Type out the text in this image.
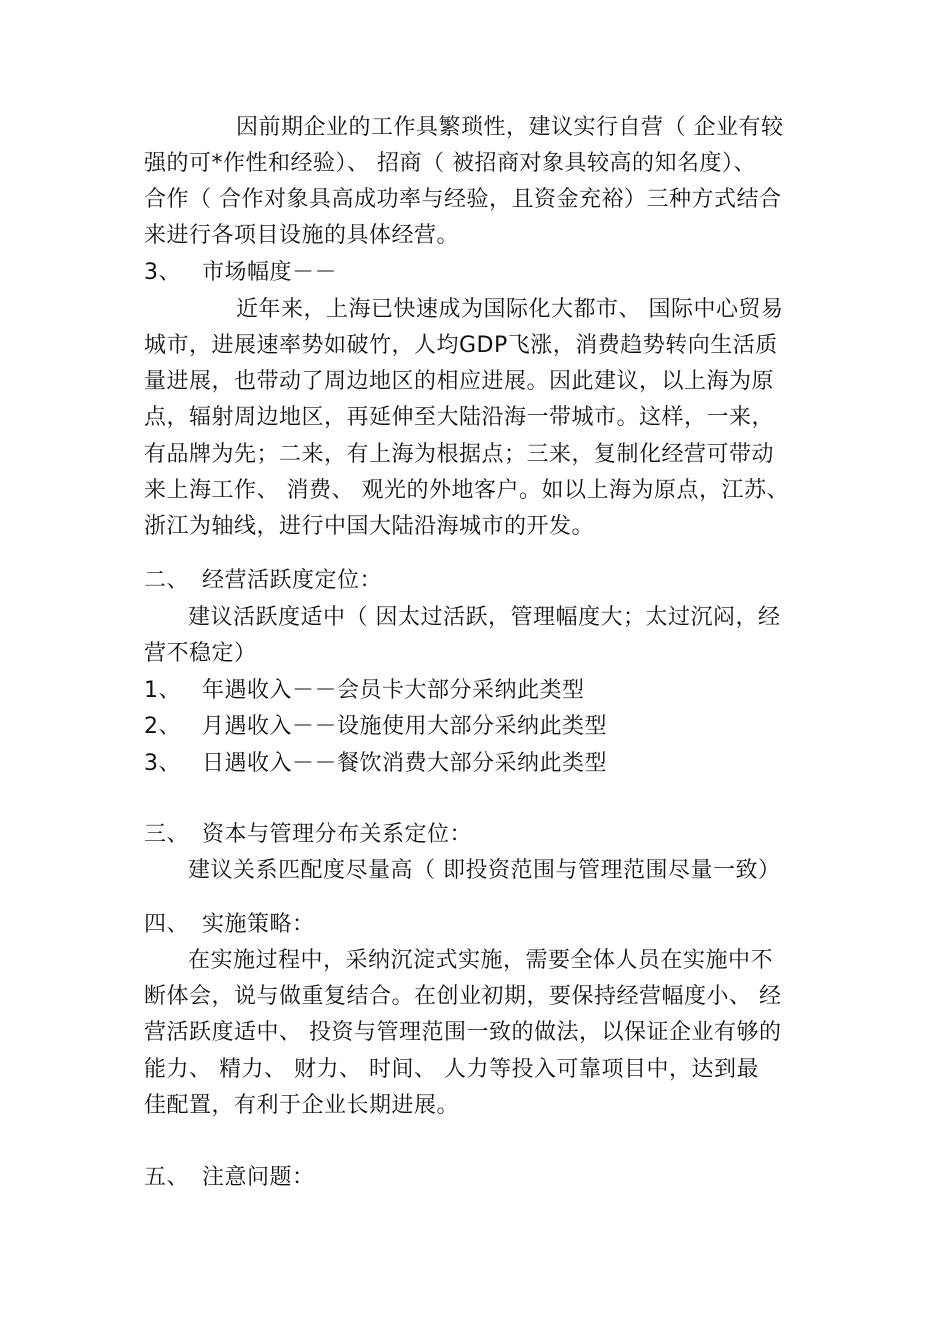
因前期企业的工作具繁琐性，建议实行自营（ 企业有较
强的可*作性和经验）、 招商（ 被招商对象具较高的知名度）、
合作（ 合作对象具高成功率与经验，且资金充裕）三种方式结合
来进行各项目设施的具体经营。
3、 市场幅度－－
近年来，上海已快速成为国际化大都市、 国际中心贸易
城市，进展速率势如破竹，人均GDP飞涨，消费趋势转向生活质
量进展，也带动了周边地区的相应进展。因此建议，以上海为原
点，辐射周边地区，再延伸至大陆沿海一带城市。这样，一来，
有品牌为先；二来，有上海为根据点；三来，复制化经营可带动
来上海工作、 消费、 观光的外地客户。如以上海为原点，江苏、
浙江为轴线，进行中国大陆沿海城市的开发。
二、 经营活跃度定位：
建议活跃度适中（ 因太过活跃，管理幅度大；太过沉闷，经
营不稳定）
1、 年遇收入－－会员卡大部分采纳此类型
2、 月遇收入－－设施使用大部分采纳此类型
3、 日遇收入－－餐饮消费大部分采纳此类型
三、 资本与管理分布关系定位：
建议关系匹配度尽量高（ 即投资范围与管理范围尽量一致）
四、 实施策略：
在实施过程中，采纳沉淀式实施，需要全体人员在实施中不
断体会，说与做重复结合。在创业初期，要保持经营幅度小、 经
营活跃度适中、 投资与管理范围一致的做法，以保证企业有够的
能力、 精力、 财力、 时间、 人力等投入可靠项目中，达到最
佳配置，有利于企业长期进展。
五、 注意问题：
